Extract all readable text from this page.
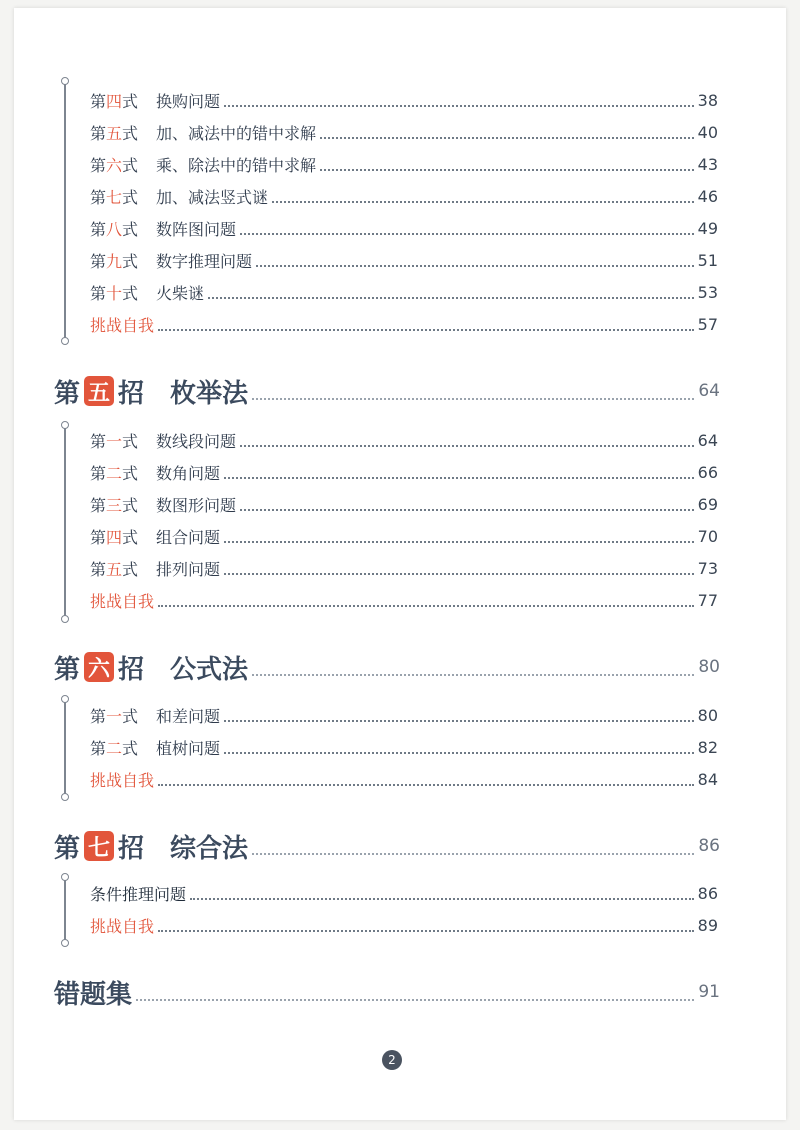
第 四 式 换购问题	38
第 五 式 加、减法中的错中求解	40
第 六 式 乘、除法中的错中求解	43
第 七 式 加、减法竖式谜	46
第 八 式 数阵图问题	49
第 九 式 数字推理问题	51
第 十 式 火柴谜	53
挑战自我	57
第 五 招 枚举法	64
第 一 式 数线段问题	64
第 二 式 数角问题	66
第 三 式 数图形问题	69
第 四 式 组合问题	70
第 五 式 排列问题	73
挑战自我	77
第 六 招 公式法	80
第 一 式 和差问题	80
第 二 式 植树问题	82
挑战自我	84
第 七 招 综合法	86
条件推理问题	86
挑战自我	89
错题集	91
2
